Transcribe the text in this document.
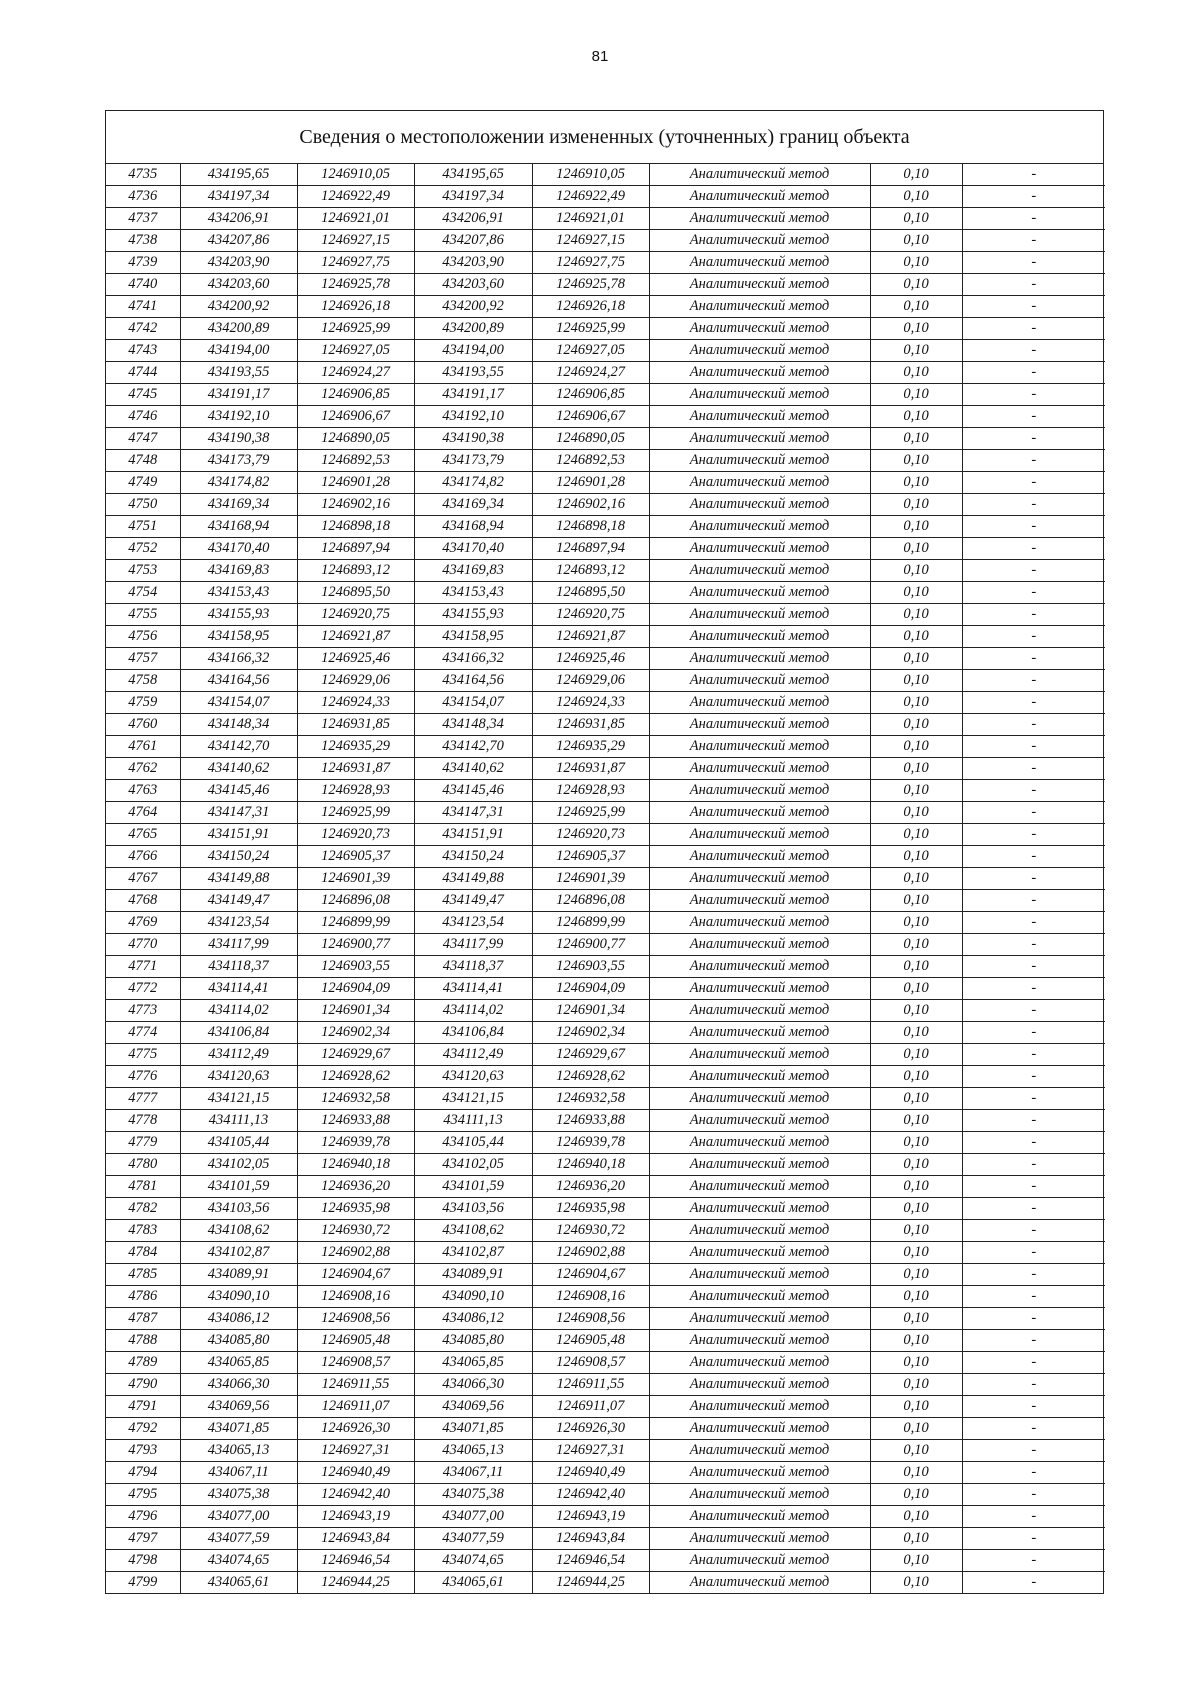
81
Сведения о местоположении измененных (уточненных) границ объекта
4735	434195,65	1246910,05	434195,65	1246910,05	Аналитический метод	0,10	-
4736	434197,34	1246922,49	434197,34	1246922,49	Аналитический метод	0,10	-
4737	434206,91	1246921,01	434206,91	1246921,01	Аналитический метод	0,10	-
4738	434207,86	1246927,15	434207,86	1246927,15	Аналитический метод	0,10	-
4739	434203,90	1246927,75	434203,90	1246927,75	Аналитический метод	0,10	-
4740	434203,60	1246925,78	434203,60	1246925,78	Аналитический метод	0,10	-
4741	434200,92	1246926,18	434200,92	1246926,18	Аналитический метод	0,10	-
4742	434200,89	1246925,99	434200,89	1246925,99	Аналитический метод	0,10	-
4743	434194,00	1246927,05	434194,00	1246927,05	Аналитический метод	0,10	-
4744	434193,55	1246924,27	434193,55	1246924,27	Аналитический метод	0,10	-
4745	434191,17	1246906,85	434191,17	1246906,85	Аналитический метод	0,10	-
4746	434192,10	1246906,67	434192,10	1246906,67	Аналитический метод	0,10	-
4747	434190,38	1246890,05	434190,38	1246890,05	Аналитический метод	0,10	-
4748	434173,79	1246892,53	434173,79	1246892,53	Аналитический метод	0,10	-
4749	434174,82	1246901,28	434174,82	1246901,28	Аналитический метод	0,10	-
4750	434169,34	1246902,16	434169,34	1246902,16	Аналитический метод	0,10	-
4751	434168,94	1246898,18	434168,94	1246898,18	Аналитический метод	0,10	-
4752	434170,40	1246897,94	434170,40	1246897,94	Аналитический метод	0,10	-
4753	434169,83	1246893,12	434169,83	1246893,12	Аналитический метод	0,10	-
4754	434153,43	1246895,50	434153,43	1246895,50	Аналитический метод	0,10	-
4755	434155,93	1246920,75	434155,93	1246920,75	Аналитический метод	0,10	-
4756	434158,95	1246921,87	434158,95	1246921,87	Аналитический метод	0,10	-
4757	434166,32	1246925,46	434166,32	1246925,46	Аналитический метод	0,10	-
4758	434164,56	1246929,06	434164,56	1246929,06	Аналитический метод	0,10	-
4759	434154,07	1246924,33	434154,07	1246924,33	Аналитический метод	0,10	-
4760	434148,34	1246931,85	434148,34	1246931,85	Аналитический метод	0,10	-
4761	434142,70	1246935,29	434142,70	1246935,29	Аналитический метод	0,10	-
4762	434140,62	1246931,87	434140,62	1246931,87	Аналитический метод	0,10	-
4763	434145,46	1246928,93	434145,46	1246928,93	Аналитический метод	0,10	-
4764	434147,31	1246925,99	434147,31	1246925,99	Аналитический метод	0,10	-
4765	434151,91	1246920,73	434151,91	1246920,73	Аналитический метод	0,10	-
4766	434150,24	1246905,37	434150,24	1246905,37	Аналитический метод	0,10	-
4767	434149,88	1246901,39	434149,88	1246901,39	Аналитический метод	0,10	-
4768	434149,47	1246896,08	434149,47	1246896,08	Аналитический метод	0,10	-
4769	434123,54	1246899,99	434123,54	1246899,99	Аналитический метод	0,10	-
4770	434117,99	1246900,77	434117,99	1246900,77	Аналитический метод	0,10	-
4771	434118,37	1246903,55	434118,37	1246903,55	Аналитический метод	0,10	-
4772	434114,41	1246904,09	434114,41	1246904,09	Аналитический метод	0,10	-
4773	434114,02	1246901,34	434114,02	1246901,34	Аналитический метод	0,10	-
4774	434106,84	1246902,34	434106,84	1246902,34	Аналитический метод	0,10	-
4775	434112,49	1246929,67	434112,49	1246929,67	Аналитический метод	0,10	-
4776	434120,63	1246928,62	434120,63	1246928,62	Аналитический метод	0,10	-
4777	434121,15	1246932,58	434121,15	1246932,58	Аналитический метод	0,10	-
4778	434111,13	1246933,88	434111,13	1246933,88	Аналитический метод	0,10	-
4779	434105,44	1246939,78	434105,44	1246939,78	Аналитический метод	0,10	-
4780	434102,05	1246940,18	434102,05	1246940,18	Аналитический метод	0,10	-
4781	434101,59	1246936,20	434101,59	1246936,20	Аналитический метод	0,10	-
4782	434103,56	1246935,98	434103,56	1246935,98	Аналитический метод	0,10	-
4783	434108,62	1246930,72	434108,62	1246930,72	Аналитический метод	0,10	-
4784	434102,87	1246902,88	434102,87	1246902,88	Аналитический метод	0,10	-
4785	434089,91	1246904,67	434089,91	1246904,67	Аналитический метод	0,10	-
4786	434090,10	1246908,16	434090,10	1246908,16	Аналитический метод	0,10	-
4787	434086,12	1246908,56	434086,12	1246908,56	Аналитический метод	0,10	-
4788	434085,80	1246905,48	434085,80	1246905,48	Аналитический метод	0,10	-
4789	434065,85	1246908,57	434065,85	1246908,57	Аналитический метод	0,10	-
4790	434066,30	1246911,55	434066,30	1246911,55	Аналитический метод	0,10	-
4791	434069,56	1246911,07	434069,56	1246911,07	Аналитический метод	0,10	-
4792	434071,85	1246926,30	434071,85	1246926,30	Аналитический метод	0,10	-
4793	434065,13	1246927,31	434065,13	1246927,31	Аналитический метод	0,10	-
4794	434067,11	1246940,49	434067,11	1246940,49	Аналитический метод	0,10	-
4795	434075,38	1246942,40	434075,38	1246942,40	Аналитический метод	0,10	-
4796	434077,00	1246943,19	434077,00	1246943,19	Аналитический метод	0,10	-
4797	434077,59	1246943,84	434077,59	1246943,84	Аналитический метод	0,10	-
4798	434074,65	1246946,54	434074,65	1246946,54	Аналитический метод	0,10	-
4799	434065,61	1246944,25	434065,61	1246944,25	Аналитический метод	0,10	-
